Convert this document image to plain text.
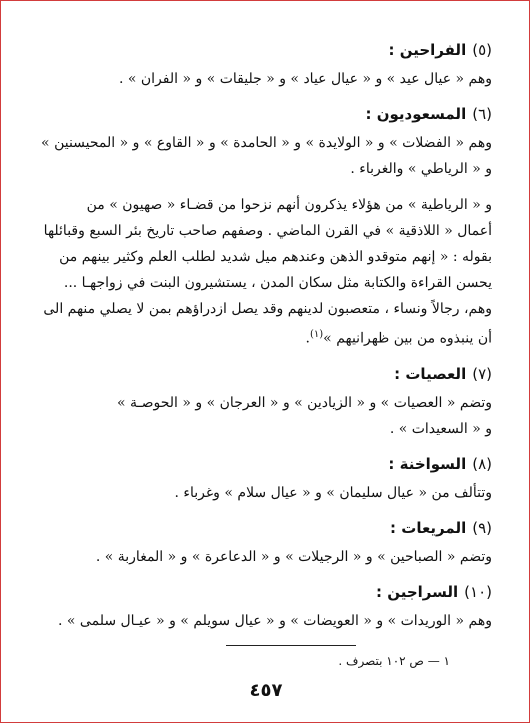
(٥)الفراحين :

وهم « عيال عيد » و « عيال عياد » و « جليقات » و « الفران » .

(٦)المسعوديون :

وهم « الفضلات » و « الولايدة » و « الحامدة » و « القاوع » و « المحيسنين »
و « الرياطي » والغرباء .

و « الرياطية » من هؤلاء يذكرون أنهم نزحوا من قضـاء « صهيون » من
أعمال « اللاذقية » في القرن الماضي . وصفهم صاحب تاريخ بئر السبع وقبائلها
بقوله : « إنهم متوقدو الذهن وعندهم ميل شديد لطلب العلم وكثير بينهم من
يحسن القراءة والكتابة مثل سكان المدن ، يستشيرون البنت في زواجهـا ...
وهم، رجالاً ونساء ، متعصبون لدينهم وقد يصل ازدراؤهم بمن لا يصلي منهم الى
أن ينبذوه من بين ظهرانيهم »$^{(١)}$.

(٧)العصيات :

وتضم « العصيات » و « الزيادين » و « العرجان » و « الحوصـة »
و « السعيدات » .

(٨)السواخنة :

وتتألف من « عيال سليمان » و « عيال سلام » وغرباء .

(٩)المريعات :

وتضم « الصباحين » و « الرجيلات » و « الدعاعرة » و « المغاربة » .

(١٠)السراجين :

وهم « الوريدات » و « العويضات » و « عيال سويلم » و « عيـال سلمى » .

١ — ص ١٠٢ بتصرف .
٤٥٧
